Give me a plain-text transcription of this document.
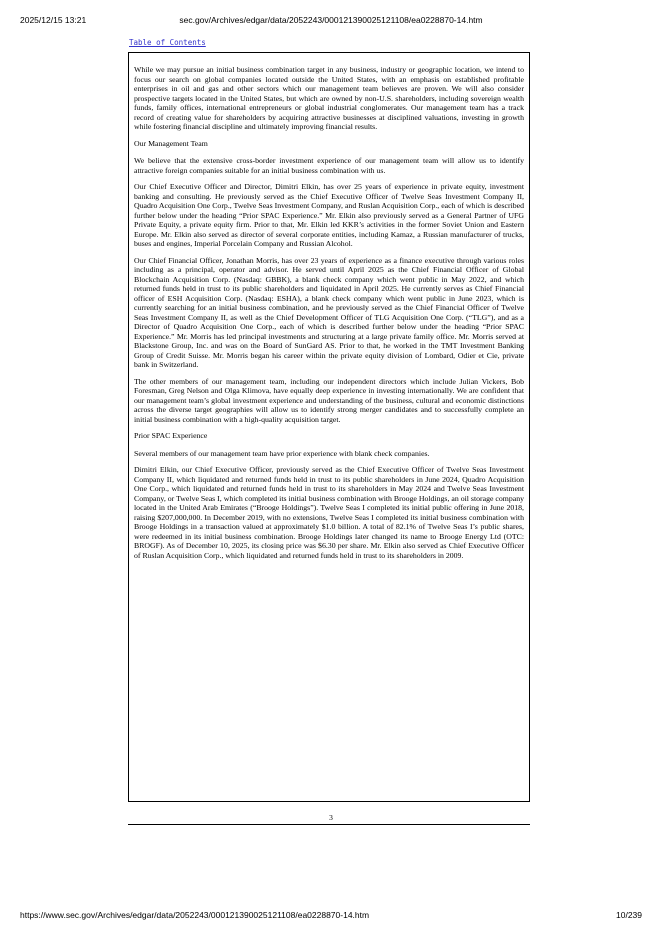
2025/12/15 13:21	sec.gov/Archives/edgar/data/2052243/000121390025121108/ea0228870-14.htm
Table of Contents

While we may pursue an initial business combination target in any business, industry or geographic location, we intend to focus our search on global companies located outside the United States, with an emphasis on established profitable enterprises in oil and gas and other sectors which our management team believes are proven. We will also consider prospective targets located in the United States, but which are owned by non-U.S. shareholders, including sovereign wealth funds, family offices, international entrepreneurs or global industrial conglomerates. Our management team has a track record of creating value for shareholders by acquiring attractive businesses at disciplined valuations, investing in growth while fostering financial discipline and ultimately improving financial results.

Our Management Team

We believe that the extensive cross-border investment experience of our management team will allow us to identify attractive foreign companies suitable for an initial business combination with us.

Our Chief Executive Officer and Director, Dimitri Elkin, has over 25 years of experience in private equity, investment banking and consulting. He previously served as the Chief Executive Officer of Twelve Seas Investment Company II, Quadro Acquisition One Corp., Twelve Seas Investment Company, and Ruslan Acquisition Corp., each of which is described further below under the heading “Prior SPAC Experience.” Mr. Elkin also previously served as a General Partner of UFG Private Equity, a private equity firm. Prior to that, Mr. Elkin led KKR’s activities in the former Soviet Union and Eastern Europe. Mr. Elkin also served as director of several corporate entities, including Kamaz, a Russian manufacturer of trucks, buses and engines, Imperial Porcelain Company and Russian Alcohol.

Our Chief Financial Officer, Jonathan Morris, has over 23 years of experience as a finance executive through various roles including as a principal, operator and advisor. He served until April 2025 as the Chief Financial Officer of Global Blockchain Acquisition Corp. (Nasdaq: GBBK), a blank check company which went public in May 2022, and which returned funds held in trust to its public shareholders and liquidated in April 2025. He currently serves as Chief Financial officer of ESH Acquisition Corp. (Nasdaq: ESHA), a blank check company which went public in June 2023, which is currently searching for an initial business combination, and he previously served as the Chief Financial Officer of Twelve Seas Investment Company II, as well as the Chief Development Officer of TLG Acquisition One Corp. (“TLG”), and as a Director of Quadro Acquisition One Corp., each of which is described further below under the heading “Prior SPAC Experience.” Mr. Morris has led principal investments and structuring at a large private family office. Mr. Morris served at Blackstone Group, Inc. and was on the Board of SunGard AS. Prior to that, he worked in the TMT Investment Banking Group of Credit Suisse. Mr. Morris began his career within the private equity division of Lombard, Odier et Cie, private bank in Switzerland.

The other members of our management team, including our independent directors which include Julian Vickers, Bob Foresman, Greg Nelson and Olga Klimova, have equally deep experience in investing internationally. We are confident that our management team’s global investment experience and understanding of the business, cultural and economic distinctions across the diverse target geographies will allow us to identify strong merger candidates and to successfully complete an initial business combination with a high-quality acquisition target.

Prior SPAC Experience

Several members of our management team have prior experience with blank check companies.

Dimitri Elkin, our Chief Executive Officer, previously served as the Chief Executive Officer of Twelve Seas Investment Company II, which liquidated and returned funds held in trust to its public shareholders in June 2024, Quadro Acquisition One Corp., which liquidated and returned funds held in trust to its shareholders in May 2024 and Twelve Seas Investment Company, or Twelve Seas I, which completed its initial business combination with Brooge Holdings, an oil storage company located in the United Arab Emirates (“Brooge Holdings”). Twelve Seas I completed its initial public offering in June 2018, raising $207,000,000. In December 2019, with no extensions, Twelve Seas I completed its initial business combination with Brooge Holdings in a transaction valued at approximately $1.0 billion. A total of 82.1% of Twelve Seas I’s public shares, were redeemed in its initial business combination. Brooge Holdings later changed its name to Brooge Energy Ltd (OTC: BROGF). As of December 10, 2025, its closing price was $6.30 per share. Mr. Elkin also served as Chief Executive Officer of Ruslan Acquisition Corp., which liquidated and returned funds held in trust to its shareholders in 2009.

3
https://www.sec.gov/Archives/edgar/data/2052243/000121390025121108/ea0228870-14.htm	10/239
